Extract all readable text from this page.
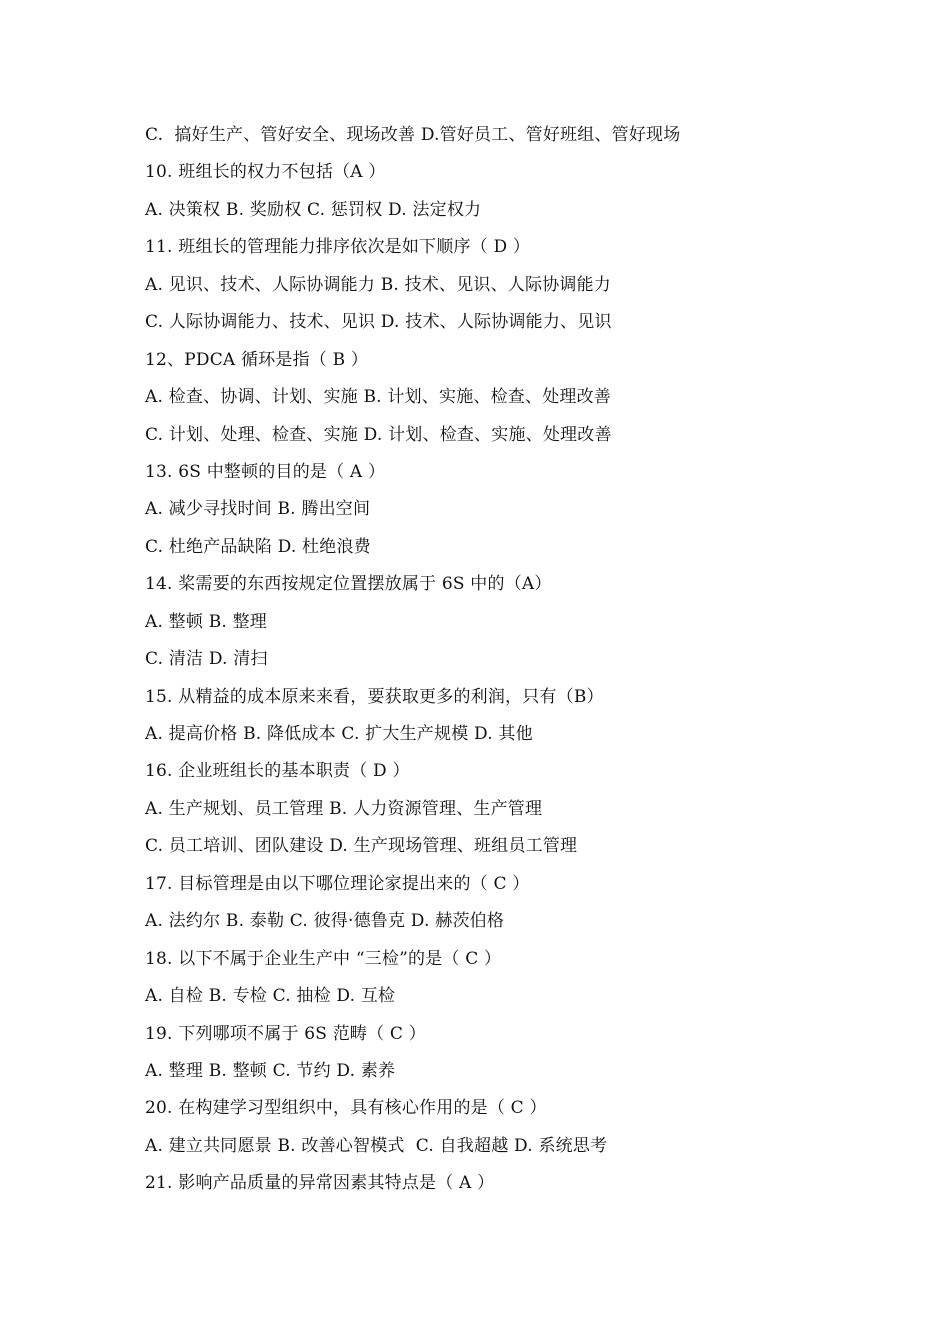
C.  搞好生产、管好安全、现场改善 D.管好员工、管好班组、管好现场
10. 班组长的权力不包括（A ）
A. 决策权 B. 奖励权 C. 惩罚权 D. 法定权力
11. 班组长的管理能力排序依次是如下顺序（ D ）
A. 见识、技术、人际协调能力 B. 技术、见识、人际协调能力
C. 人际协调能力、技术、见识 D. 技术、人际协调能力、见识
12、PDCA 循环是指（ B ）
A. 检查、协调、计划、实施 B. 计划、实施、检查、处理改善
C. 计划、处理、检查、实施 D. 计划、检查、实施、处理改善
13. 6S 中整顿的目的是（ A ）
A. 减少寻找时间 B. 腾出空间
C. 杜绝产品缺陷 D. 杜绝浪费
14. 桨需要的东西按规定位置摆放属于 6S 中的（A）
A. 整顿 B. 整理
C. 清洁 D. 清扫
15. 从精益的成本原来来看，要获取更多的利润，只有（B）
A. 提高价格 B. 降低成本 C. 扩大生产规模 D. 其他
16. 企业班组长的基本职责（ D ）
A. 生产规划、员工管理 B. 人力资源管理、生产管理
C. 员工培训、团队建设 D. 生产现场管理、班组员工管理
17. 目标管理是由以下哪位理论家提出来的（ C ）
A. 法约尔 B. 泰勒 C. 彼得·德鲁克 D. 赫茨伯格
18. 以下不属于企业生产中 “三检”的是（ C ）
A. 自检 B. 专检 C. 抽检 D. 互检
19. 下列哪项不属于 6S 范畴（ C ）
A. 整理 B. 整顿 C. 节约 D. 素养
20. 在构建学习型组织中，具有核心作用的是（ C ）
A. 建立共同愿景 B. 改善心智模式  C. 自我超越 D. 系统思考
21. 影响产品质量的异常因素其特点是（ A ）
